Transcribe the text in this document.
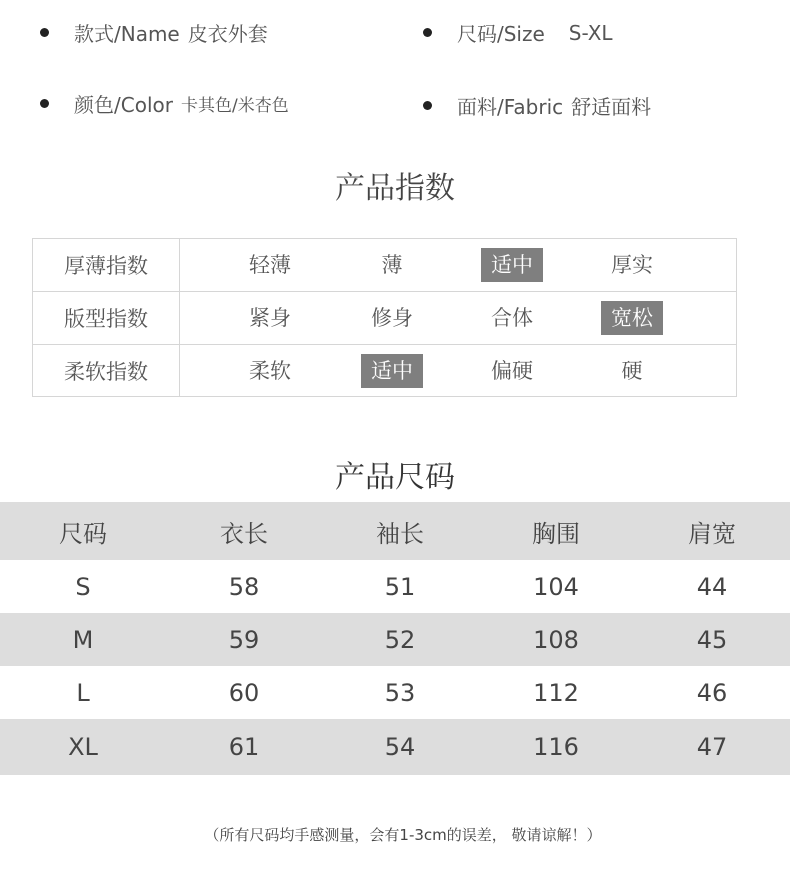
款式/Name 皮衣外套	尺码/Size S-XL
颜色/Color 卡其色/米杏色	面料/Fabric 舒适面料
产品指数
厚薄指数	轻薄	薄	适中	厚实
版型指数	紧身	修身	合体	宽松
柔软指数	柔软	适中	偏硬	硬
产品尺码
尺码	衣长	袖长	胸围	肩宽
S	58	51	104	44
M	59	52	108	45
L	60	53	112	46
XL	61	54	116	47
（所有尺码均手感测量，会有1-3cm的误差， 敬请谅解！）
